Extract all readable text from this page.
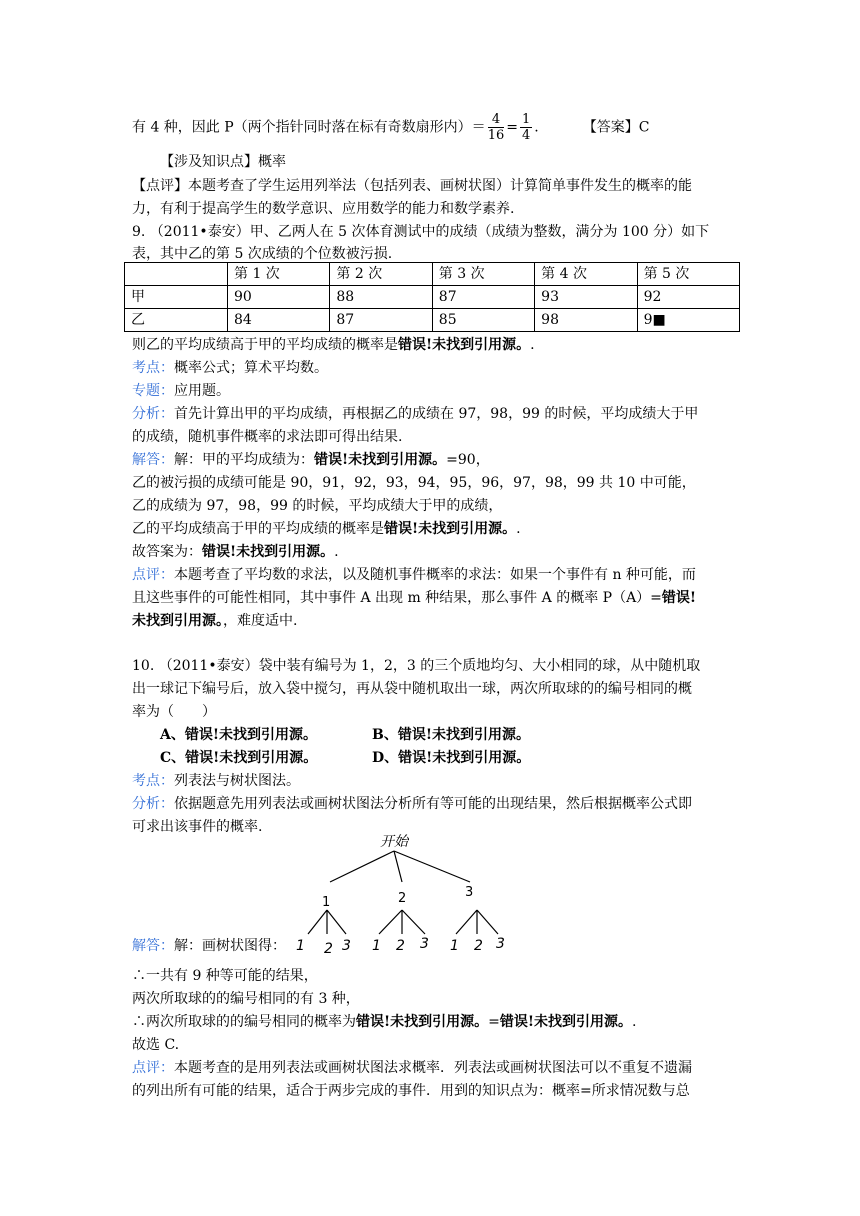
有 4 种，因此 P（两个指针同时落在标有奇数扇形内）＝ $\frac{4}{16} = \frac{1}{4}$ .	【答案】C
【涉及知识点】概率
【点评】本题考查了学生运用列举法（包括列表、画树状图）计算简单事件发生的概率的能
力，有利于提高学生的数学意识、应用数学的能力和数学素养.
9. （2011•泰安）甲、乙两人在 5 次体育测试中的成绩（成绩为整数，满分为 100 分）如下
表，其中乙的第 5 次成绩的个位数被污损.
	第 1 次	第 2 次	第 3 次	第 4 次	第 5 次
甲	90	88	87	93	92
乙	84	87	85	98	9■
则乙的平均成绩高于甲的平均成绩的概率是错误!未找到引用源。.
考点：概率公式；算术平均数。
专题：应用题。
分析：首先计算出甲的平均成绩，再根据乙的成绩在 97，98，99 的时候，平均成绩大于甲
的成绩，随机事件概率的求法即可得出结果.
解答：解：甲的平均成绩为：错误!未找到引用源。=90，
乙的被污损的成绩可能是 90，91，92，93，94，95，96，97，98，99 共 10 中可能，
乙的成绩为 97，98，99 的时候，平均成绩大于甲的成绩，
乙的平均成绩高于甲的平均成绩的概率是错误!未找到引用源。.
故答案为：错误!未找到引用源。.
点评：本题考查了平均数的求法，以及随机事件概率的求法：如果一个事件有 n 种可能，而
且这些事件的可能性相同，其中事件 A 出现 m 种结果，那么事件 A 的概率 P（A）=错误!
未找到引用源。，难度适中.
10. （2011•泰安）袋中装有编号为 1，2，3 的三个质地均匀、大小相同的球，从中随机取
出一球记下编号后，放入袋中搅匀，再从袋中随机取出一球，两次所取球的的编号相同的概
率为（　　）
A、错误!未找到引用源。	B、错误!未找到引用源。
C、错误!未找到引用源。	D、错误!未找到引用源。
考点：列表法与树状图法。
分析：依据题意先用列表法或画树状图法分析所有等可能的出现结果，然后根据概率公式即
可求出该事件的概率.
开始
1	2	3
解答：解：画树状图得： 1 2 3 1 2 3 1 2 3
∴一共有 9 种等可能的结果，
两次所取球的的编号相同的有 3 种，
∴两次所取球的的编号相同的概率为错误!未找到引用源。=错误!未找到引用源。.
故选 C.
点评：本题考查的是用列表法或画树状图法求概率．列表法或画树状图法可以不重复不遗漏
的列出所有可能的结果，适合于两步完成的事件．用到的知识点为：概率=所求情况数与总
